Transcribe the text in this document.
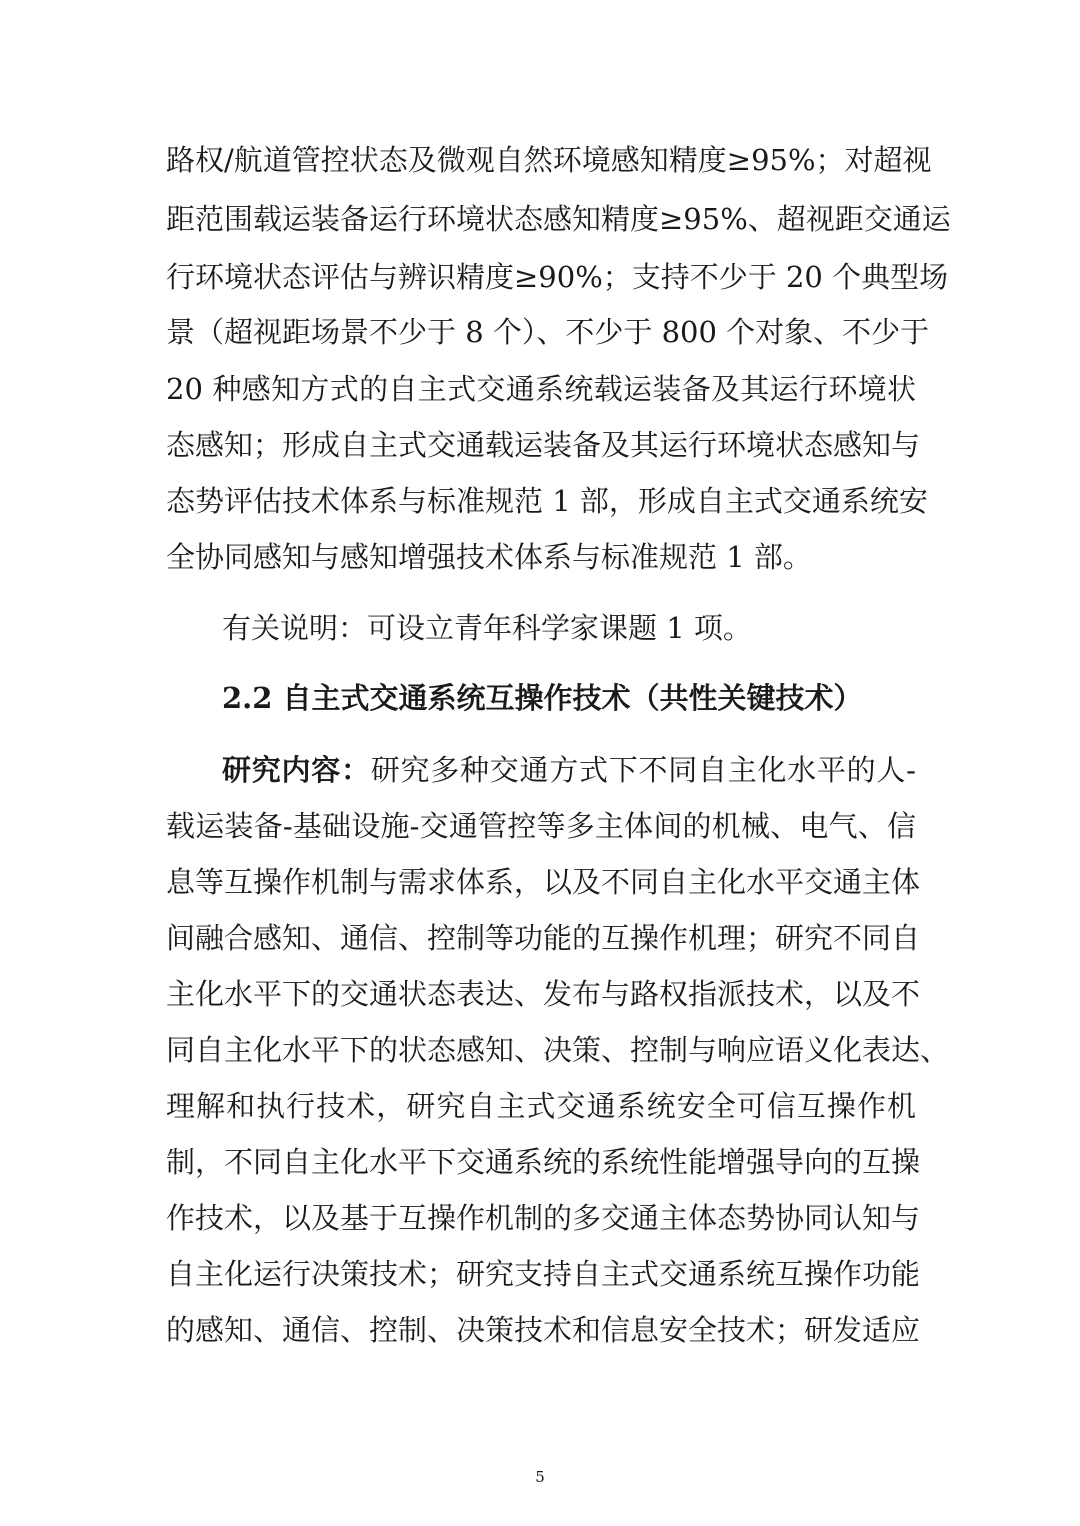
路权/航道管控状态及微观自然环境感知精度≥95%；对超视
距范围载运装备运行环境状态感知精度≥95%、超视距交通运
行环境状态评估与辨识精度≥90%；支持不少于 20 个典型场
景（超视距场景不少于 8 个）、不少于 800 个对象、不少于
20 种感知方式的自主式交通系统载运装备及其运行环境状
态感知；形成自主式交通载运装备及其运行环境状态感知与
态势评估技术体系与标准规范 1 部，形成自主式交通系统安
全协同感知与感知增强技术体系与标准规范 1 部。
有关说明：可设立青年科学家课题 1 项。
2.2 自主式交通系统互操作技术（共性关键技术）
研究内容：研究多种交通方式下不同自主化水平的人-
载运装备-基础设施-交通管控等多主体间的机械、电气、信
息等互操作机制与需求体系，以及不同自主化水平交通主体
间融合感知、通信、控制等功能的互操作机理；研究不同自
主化水平下的交通状态表达、发布与路权指派技术，以及不
同自主化水平下的状态感知、决策、控制与响应语义化表达、
理解和执行技术，研究自主式交通系统安全可信互操作机
制，不同自主化水平下交通系统的系统性能增强导向的互操
作技术，以及基于互操作机制的多交通主体态势协同认知与
自主化运行决策技术；研究支持自主式交通系统互操作功能
的感知、通信、控制、决策技术和信息安全技术；研发适应
5
